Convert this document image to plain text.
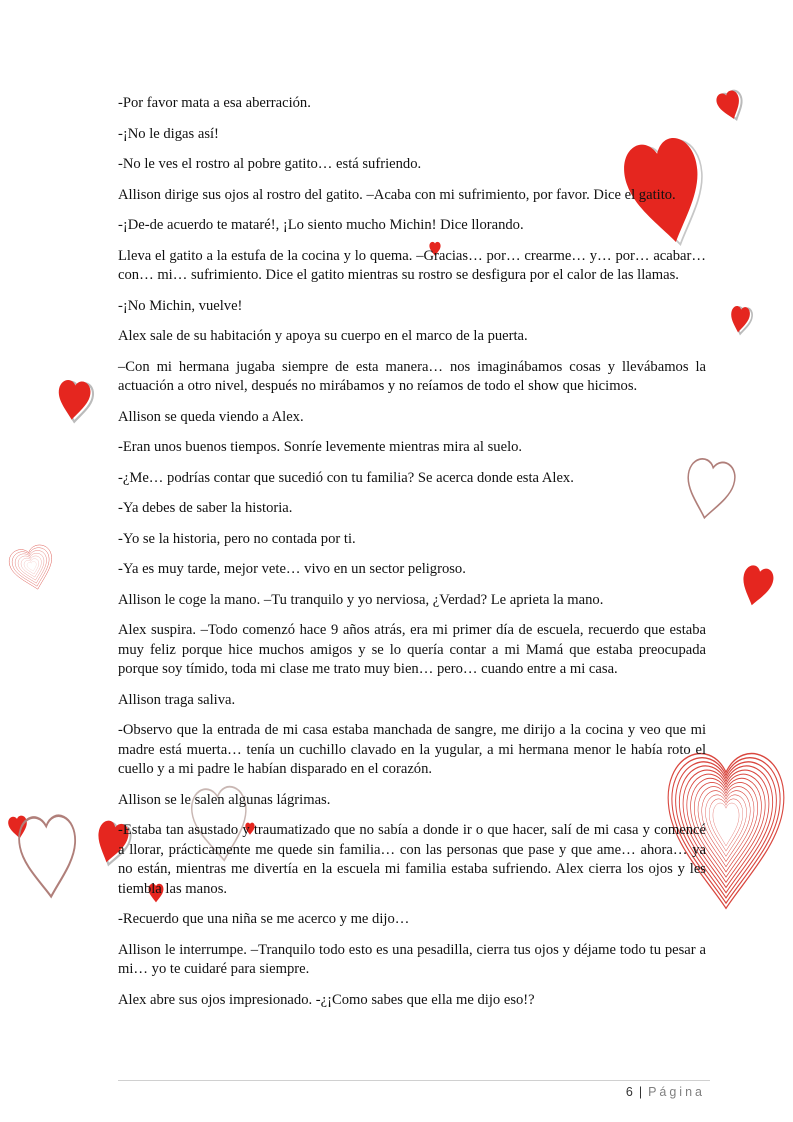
-Por favor mata a esa aberración.

-¡No le digas así!

-No le ves el rostro al pobre gatito… está sufriendo.

Allison dirige sus ojos al rostro del gatito. –Acaba con mi sufrimiento, por favor. Dice el gatito.

-¡De-de acuerdo te mataré!, ¡Lo siento mucho Michin! Dice llorando.

Lleva el gatito a la estufa de la cocina y lo quema. –Gracias… por… crearme… y… por… acabar… con… mi… sufrimiento. Dice el gatito mientras su rostro se desfigura por el calor de las llamas.

-¡No Michin, vuelve!

Alex sale de su habitación y apoya su cuerpo en el marco de la puerta.

–Con mi hermana jugaba siempre de esta manera… nos imaginábamos cosas y llevábamos la actuación a otro nivel, después no mirábamos y no reíamos de todo el show que hicimos.

Allison se queda viendo a Alex.

-Eran unos buenos tiempos. Sonríe levemente mientras mira al suelo.

-¿Me… podrías contar que sucedió con tu familia? Se acerca donde esta Alex.

-Ya debes de saber la historia.

-Yo se la historia, pero no contada por ti.

-Ya es muy tarde, mejor vete… vivo en un sector peligroso.

Allison le coge la mano. –Tu tranquilo y yo nerviosa, ¿Verdad? Le aprieta la mano.

Alex suspira. –Todo comenzó hace 9 años atrás, era mi primer día de escuela, recuerdo que estaba muy feliz porque hice muchos amigos y se lo quería contar a mi Mamá que estaba preocupada porque soy tímido, toda mi clase me trato muy bien… pero… cuando entre a mi casa.

Allison traga saliva.

-Observo que la entrada de mi casa estaba manchada de sangre, me dirijo a la cocina y veo que mi madre está muerta… tenía un cuchillo clavado en la yugular, a mi hermana menor le había roto el cuello y a mi padre le habían disparado en el corazón.

Allison se le salen algunas lágrimas.

-Estaba tan asustado y traumatizado que no sabía a donde ir o que hacer, salí de mi casa y comencé a llorar, prácticamente me quede sin familia… con las personas que pase y que ame… ahora… ya no están, mientras me divertía en la escuela mi familia estaba sufriendo. Alex cierra los ojos y les tiembla las manos.

-Recuerdo que una niña se me acerco y me dijo…

Allison le interrumpe. –Tranquilo todo esto es una pesadilla, cierra tus ojos y déjame todo tu pesar a mi… yo te cuidaré para siempre.

Alex abre sus ojos impresionado. -¿¡Como sabes que ella me dijo eso!?

6 | Página
